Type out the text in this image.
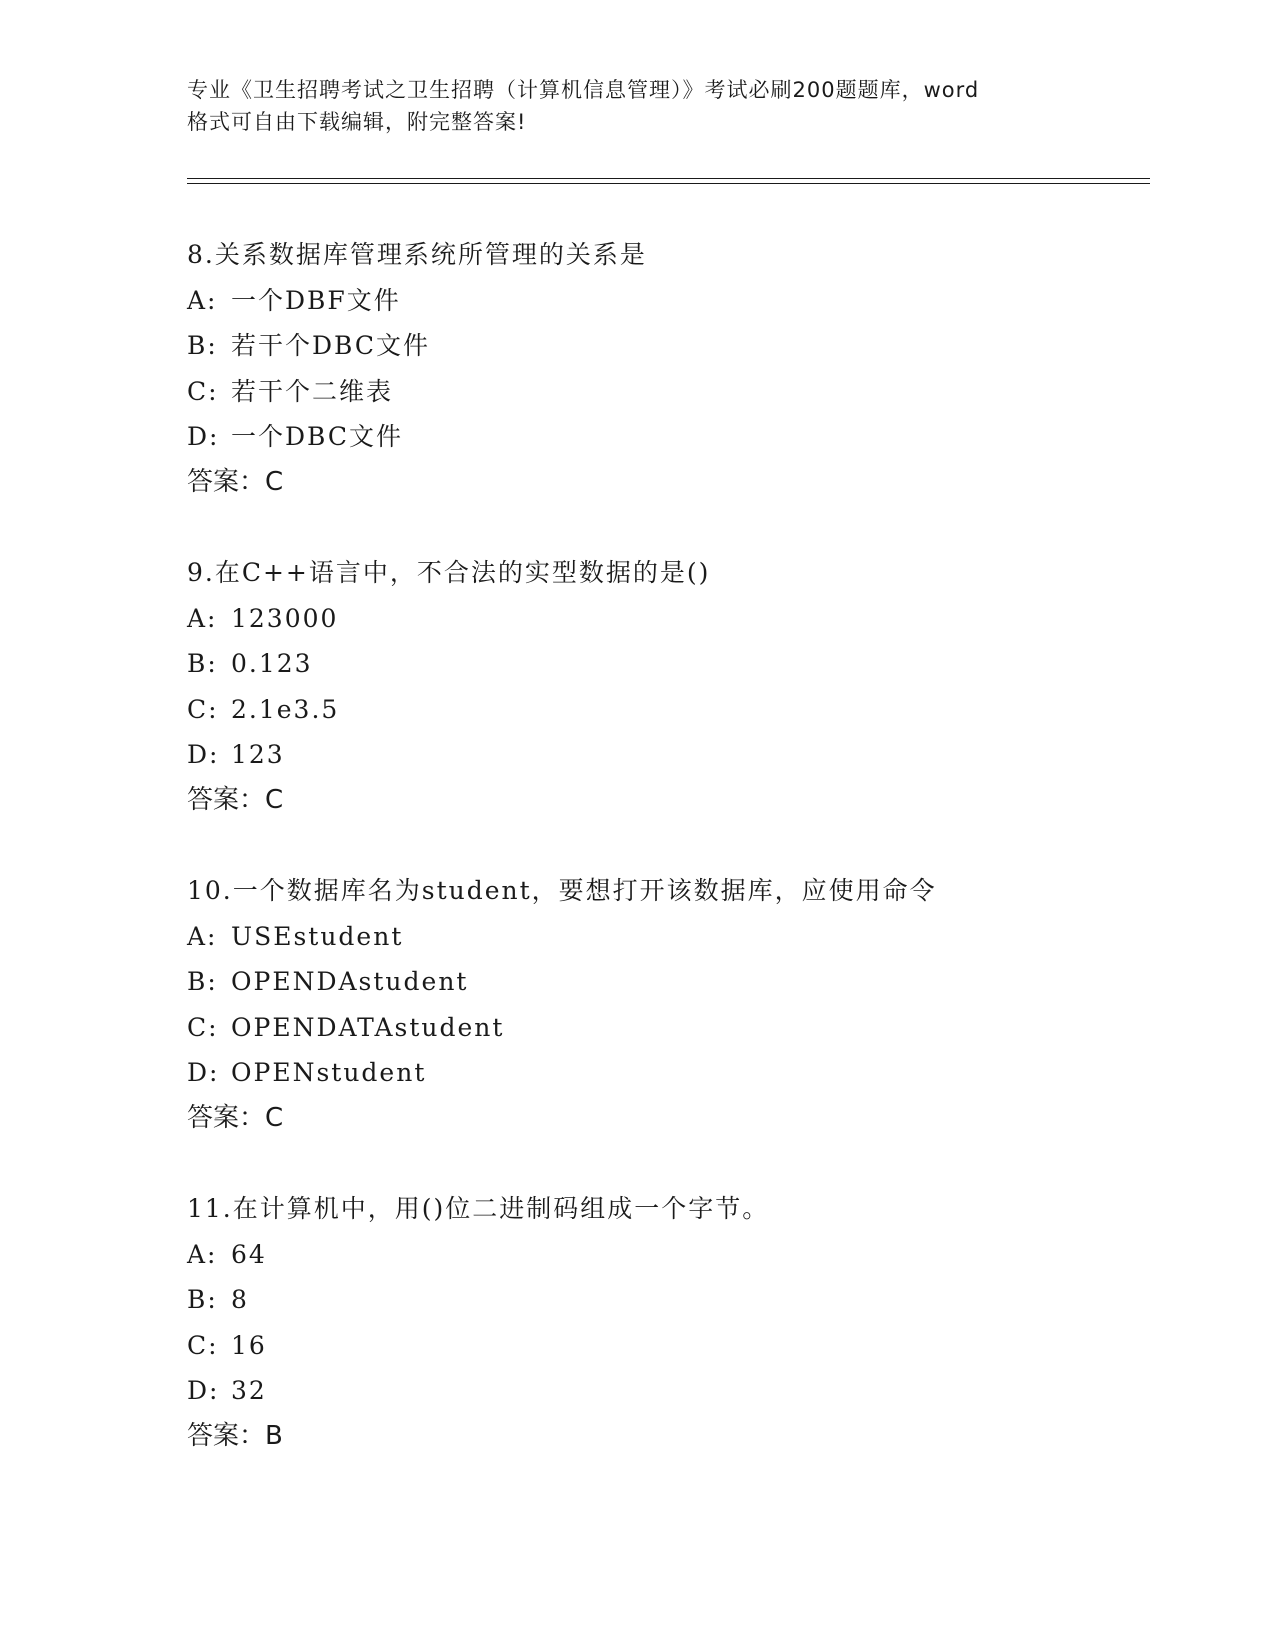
专业《卫生招聘考试之卫生招聘（计算机信息管理）》考试必刷200题题库，word
格式可自由下载编辑，附完整答案!
8.关系数据库管理系统所管理的关系是
A: 一个DBF文件
B: 若干个DBC文件
C: 若干个二维表
D: 一个DBC文件
答案：C
9.在C++语言中，不合法的实型数据的是()
A: 123000
B: 0.123
C: 2.1e3.5
D: 123
答案：C
10.一个数据库名为student，要想打开该数据库，应使用命令
A: USEstudent
B: OPENDAstudent
C: OPENDATAstudent
D: OPENstudent
答案：C
11.在计算机中，用()位二进制码组成一个字节。
A: 64
B: 8
C: 16
D: 32
答案：B
